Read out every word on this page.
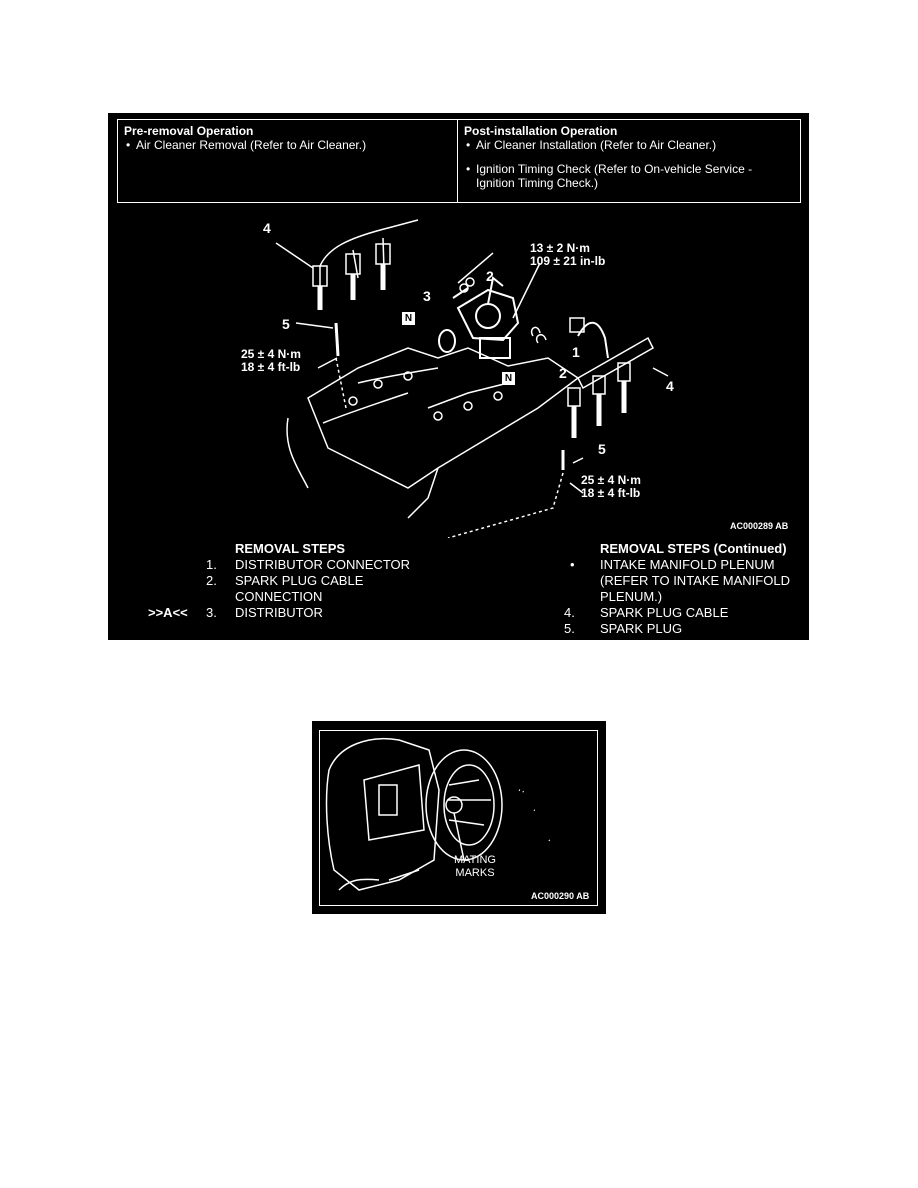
Pre-removal Operation
• Air Cleaner Removal (Refer to Air Cleaner.)
Post-installation Operation
• Air Cleaner Installation (Refer to Air Cleaner.)
• Ignition Timing Check (Refer to On-vehicle Service - Ignition Timing Check.)
4
5
3
2
2
1
4
5
N
N
13 ± 2 N·m
109 ± 21 in-lb
25 ± 4 N·m
18 ± 4 ft-lb
25 ± 4 N·m
18 ± 4 ft-lb
AC000289 AB
REMOVAL STEPS
1. DISTRIBUTOR CONNECTOR
2. SPARK PLUG CABLE
CONNECTION
>>A<< 3. DISTRIBUTOR
REMOVAL STEPS (Continued)
• INTAKE MANIFOLD PLENUM
(REFER TO INTAKE MANIFOLD
PLENUM.)
4. SPARK PLUG CABLE
5. SPARK PLUG
MATING
MARKS
AC000290 AB
